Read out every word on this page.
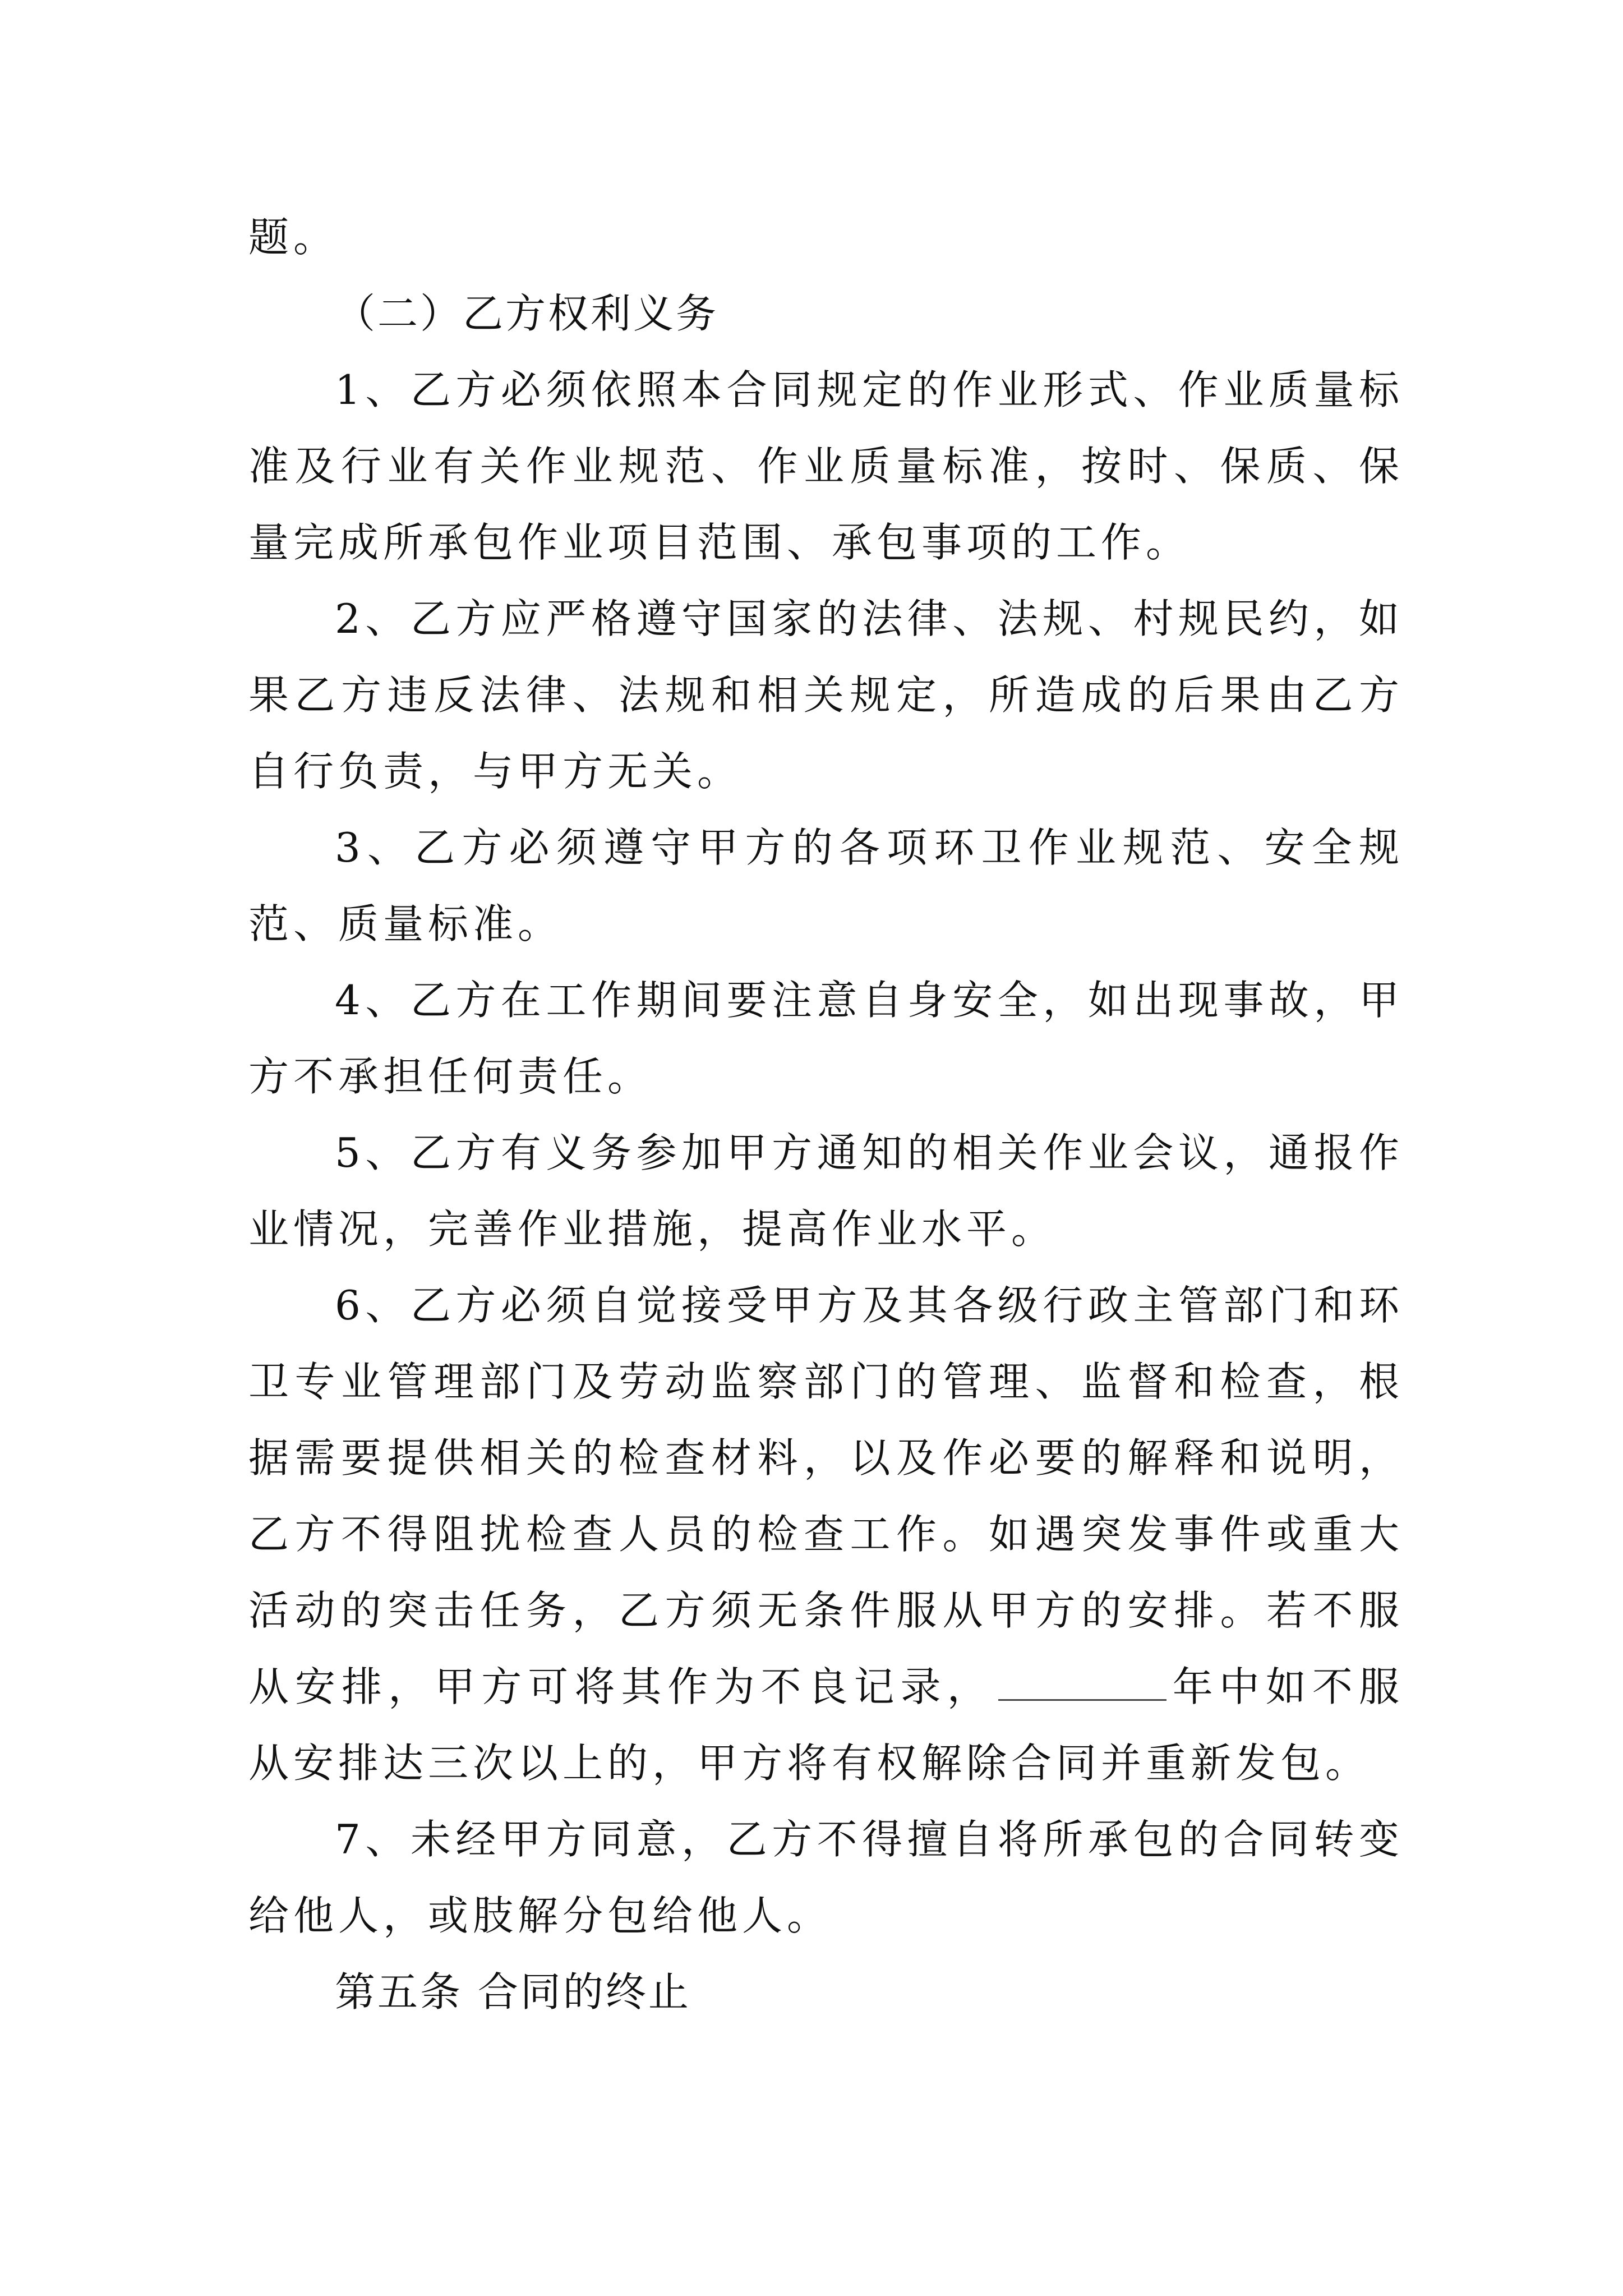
题。

（二）乙方权利义务

1、乙方必须依照本合同规定的作业形式、作业质量标准及行业有关作业规范、作业质量标准，按时、保质、保量完成所承包作业项目范围、承包事项的工作。

2、乙方应严格遵守国家的法律、法规、村规民约，如果乙方违反法律、法规和相关规定，所造成的后果由乙方自行负责，与甲方无关。

3、乙方必须遵守甲方的各项环卫作业规范、安全规范、质量标准。

4、乙方在工作期间要注意自身安全，如出现事故，甲方不承担任何责任。

5、乙方有义务参加甲方通知的相关作业会议，通报作业情况，完善作业措施，提高作业水平。

6、乙方必须自觉接受甲方及其各级行政主管部门和环卫专业管理部门及劳动监察部门的管理、监督和检查，根据需要提供相关的检查材料，以及作必要的解释和说明，乙方不得阻扰检查人员的检查工作。如遇突发事件或重大活动的突击任务，乙方须无条件服从甲方的安排。若不服从安排，甲方可将其作为不良记录，	年中如不服从安排达三次以上的，甲方将有权解除合同并重新发包。

7、未经甲方同意，乙方不得擅自将所承包的合同转变给他人，或肢解分包给他人。

第五条 合同的终止
